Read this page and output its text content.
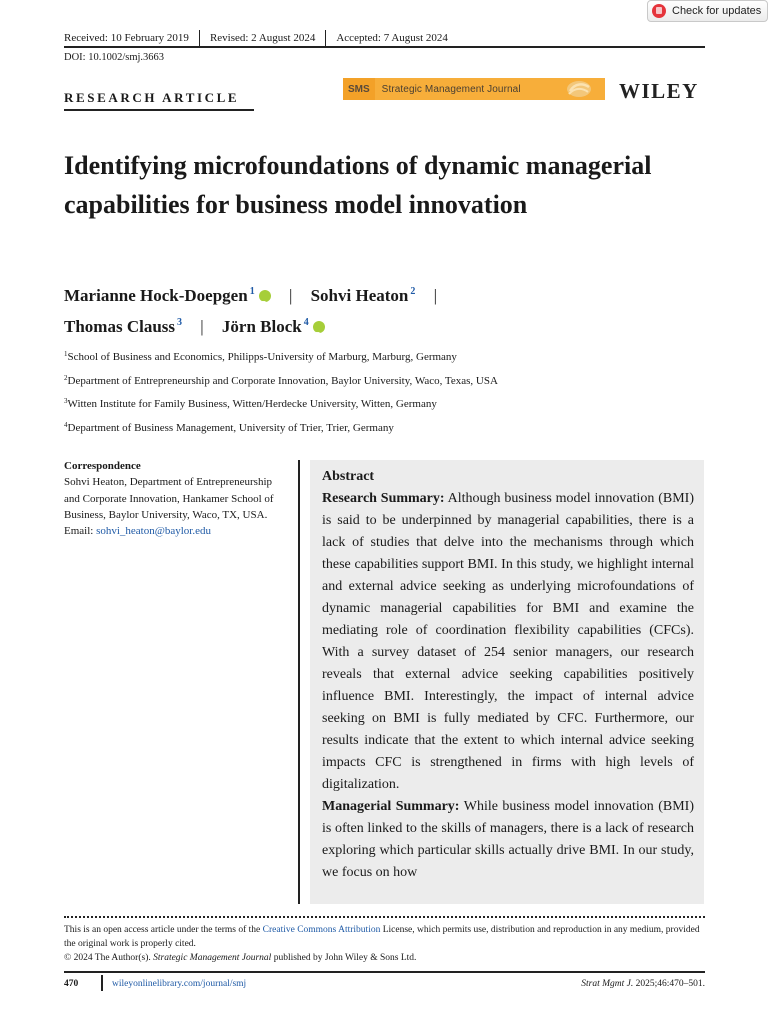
Check for updates
Received: 10 February 2019	Revised: 2 August 2024	Accepted: 7 August 2024
DOI: 10.1002/smj.3663
RESEARCH ARTICLE
SMS	Strategic Management Journal	WILEY
Identifying microfoundations of dynamic managerial capabilities for business model innovation
Marianne Hock-Doepgen $^1$iD | Sohvi Heaton $^2$ |
Thomas Clauss $^3$ | Jörn Block $^4$iD
$^1$School of Business and Economics, Philipps-University of Marburg, Marburg, Germany
$^2$Department of Entrepreneurship and Corporate Innovation, Baylor University, Waco, Texas, USA
$^3$Witten Institute for Family Business, Witten/Herdecke University, Witten, Germany
$^4$Department of Business Management, University of Trier, Trier, Germany
Correspondence
Sohvi Heaton, Department of Entrepreneurship and Corporate Innovation, Hankamer School of Business, Baylor University, Waco, TX, USA.
Email: sohvi_heaton@baylor.edu
Abstract
Research Summary: Although business model innovation (BMI) is said to be underpinned by managerial capabilities, there is a lack of studies that delve into the mechanisms through which these capabilities support BMI. In this study, we highlight internal and external advice seeking as underlying microfoundations of dynamic managerial capabilities for BMI and examine the mediating role of coordination flexibility capabilities (CFCs). With a survey dataset of 254 senior managers, our research reveals that external advice seeking capabilities positively influence BMI. Interestingly, the impact of internal advice seeking on BMI is fully mediated by CFC. Furthermore, our results indicate that the extent to which internal advice seeking impacts CFC is strengthened in firms with high levels of digitalization.
Managerial Summary: While business model innovation (BMI) is often linked to the skills of managers, there is a lack of research exploring which particular skills actually drive BMI. In our study, we focus on how
This is an open access article under the terms of the Creative Commons Attribution License, which permits use, distribution and reproduction in any medium, provided the original work is properly cited.
© 2024 The Author(s). Strategic Management Journal published by John Wiley & Sons Ltd.
470	wileyonlinelibrary.com/journal/smj	Strat Mgmt J. 2025;46:470–501.
